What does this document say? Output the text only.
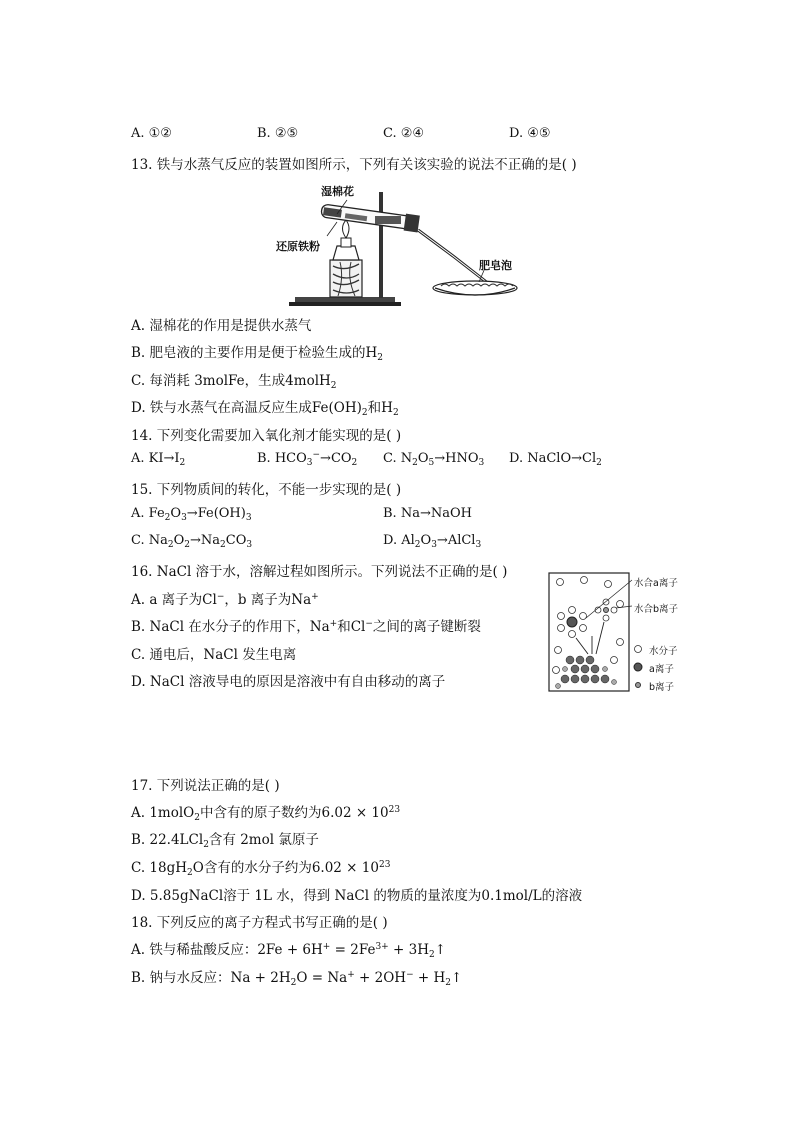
A. ①②	B. ②⑤	C. ②④	D. ④⑤
13. 铁与水蒸气反应的装置如图所示，下列有关该实验的说法不正确的是( )
湿棉花
还原铁粉
肥皂泡
A. 湿棉花的作用是提供水蒸气
B. 肥皂液的主要作用是便于检验生成的$H_2$
C. 每消耗 3molFe，生成4molH$_2$
D. 铁与水蒸气在高温反应生成$Fe(OH)_2$和$H_2$
14. 下列变化需要加入氧化剂才能实现的是( )
A. $KI\to I_2$	B. $HCO_3^-\to CO_2$ C. $N_2O_5\to HNO_3$ D. $NaClO\to Cl_2$
15. 下列物质间的转化，不能一步实现的是( )
A. $Fe_2O_3\to Fe(OH)_3$	B. Na→NaOH
C. $Na_2O_2\to Na_2CO_3$	D. $Al_2O_3\to AlCl_3$
16. NaCl 溶于水，溶解过程如图所示。下列说法不正确的是( )
A. a 离子为Cl−，b 离子为Na+
B. NaCl 在水分子的作用下，Na+和Cl−之间的离子键断裂
C. 通电后，NaCl 发生电离
D. NaCl 溶液导电的原因是溶液中有自由移动的离子
水合a离子
水合b离子
水分子
a离子
b离子
17. 下列说法正确的是( )
A. 1molO$_2$中含有的原子数约为$6.02 \times 10^{23}$
B. 22.4LCl$_2$含有 2mol 氯原子
C. $18gH_2O$含有的水分子约为$6.02 \times 10^{23}$
D. 5.85gNaCl溶于 1L 水，得到 NaCl 的物质的量浓度为0.1mol/L的溶液
18. 下列反应的离子方程式书写正确的是( )
A. 铁与稀盐酸反应：$2Fe + 6H^+ = 2Fe^{3+}$ + $3H_2↑$
B. 钠与水反应：$Na + 2H_2O = Na^+ + 2OH^-$ + $H_2↑$
